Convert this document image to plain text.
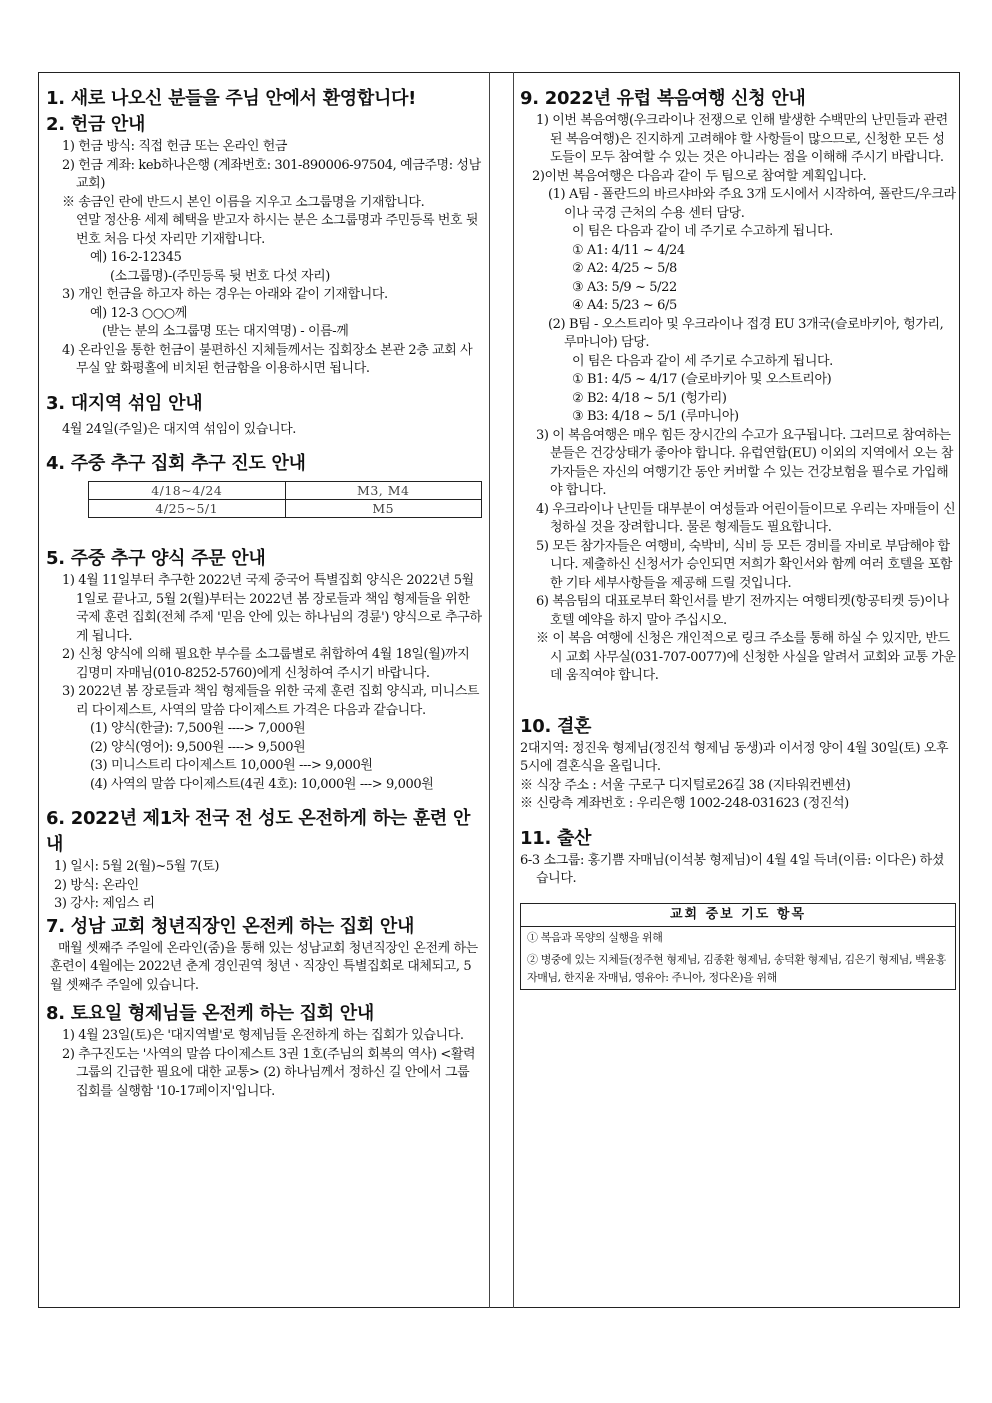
1. 새로 나오신 분들을 주님 안에서 환영합니다!
2. 헌금 안내

1) 헌금 방식: 직접 헌금 또는 온라인 헌금

2) 헌금 계좌: keb하나은행 (계좌번호: 301-890006-97504, 예금주명: 성남교회)

※ 송금인 란에 반드시 본인 이름을 지우고 소그룹명을 기재합니다.

연말 정산용 세제 혜택을 받고자 하시는 분은 소그룹명과 주민등록 번호 뒷번호 처음 다섯 자리만 기재합니다.

예) 16-2-12345

(소그룹명)-(주민등록 뒷 번호 다섯 자리)

3) 개인 헌금을 하고자 하는 경우는 아래와 같이 기재합니다.

예) 12-3 ○○○께

(받는 분의 소그룹명 또는 대지역명) - 이름-께

4) 온라인을 통한 헌금이 불편하신 지체들께서는 집회장소 본관 2층 교회 사무실 앞 화평홀에 비치된 헌금함을 이용하시면 됩니다.

3. 대지역 섞임 안내

4월 24일(주일)은 대지역 섞임이 있습니다.

4. 주중 추구 집회 추구 진도 안내
4/18~4/24	M3, M4
4/25~5/1	M5
5. 주중 추구 양식 주문 안내

1) 4월 11일부터 추구한 2022년 국제 중국어 특별집회 양식은 2022년 5월 1일로 끝나고, 5월 2(월)부터는 2022년 봄 장로들과 책임 형제들을 위한 국제 훈련 집회(전체 주제 '믿음 안에 있는 하나님의 경륜') 양식으로 추구하게 됩니다.

2) 신청 양식에 의해 필요한 부수를 소그룹별로 취합하여 4월 18일(월)까지 김명미 자매님(010-8252-5760)에게 신청하여 주시기 바랍니다.

3) 2022년 봄 장로들과 책임 형제들을 위한 국제 훈련 집회 양식과, 미니스트리 다이제스트, 사역의 말씀 다이제스트 가격은 다음과 같습니다.

(1) 양식(한글): 7,500원 ----> 7,000원

(2) 양식(영어): 9,500원 ----> 9,500원

(3) 미니스트리 다이제스트 10,000원 ---> 9,000원

(4) 사역의 말씀 다이제스트(4권 4호): 10,000원 ---> 9,000원

6. 2022년 제1차 전국 전 성도 온전하게 하는 훈련 안내

1) 일시: 5월 2(월)~5월 7(토)

2) 방식: 온라인

3) 강사: 제임스 리

7. 성남 교회 청년직장인 온전케 하는 집회 안내

매월 셋째주 주일에 온라인(줌)을 통해 있는 성남교회 청년직장인 온전케 하는 훈련이 4월에는 2022년 춘계 경인권역 청년ㆍ직장인 특별집회로 대체되고, 5월 셋째주 주일에 있습니다.

8. 토요일 형제님들 온전케 하는 집회 안내

1) 4월 23일(토)은 '대지역별'로 형제님들 온전하게 하는 집회가 있습니다.

2) 추구진도는 '사역의 말씀 다이제스트 3권 1호(주님의 회복의 역사) <활력그룹의 긴급한 필요에 대한 교통> (2) 하나님께서 정하신 길 안에서 그룹 집회를 실행함 '10-17페이지'입니다.

9. 2022년 유럽 복음여행 신청 안내

1) 이번 복음여행(우크라이나 전쟁으로 인해 발생한 수백만의 난민들과 관련된 복음여행)은 진지하게 고려해야 할 사항들이 많으므로, 신청한 모든 성도들이 모두 참여할 수 있는 것은 아니라는 점을 이해해 주시기 바랍니다.

2)이번 복음여행은 다음과 같이 두 팀으로 참여할 계획입니다.

(1) A팀 - 폴란드의 바르샤바와 주요 3개 도시에서 시작하여, 폴란드/우크라이나 국경 근처의 수용 센터 담당.

이 팀은 다음과 같이 네 주기로 수고하게 됩니다.

① A1: 4/11 ~ 4/24

② A2: 4/25 ~ 5/8

③ A3: 5/9 ~ 5/22

④ A4: 5/23 ~ 6/5

(2) B팀 - 오스트리아 및 우크라이나 접경 EU 3개국(슬로바키아, 헝가리, 루마니아) 담당.

이 팀은 다음과 같이 세 주기로 수고하게 됩니다.

① B1: 4/5 ~ 4/17 (슬로바키아 및 오스트리아)

② B2: 4/18 ~ 5/1 (헝가리)

③ B3: 4/18 ~ 5/1 (루마니아)

3) 이 복음여행은 매우 힘든 장시간의 수고가 요구됩니다. 그러므로 참여하는 분들은 건강상태가 좋아야 합니다. 유럽연합(EU) 이외의 지역에서 오는 참가자들은 자신의 여행기간 동안 커버할 수 있는 건강보험을 필수로 가입해야 합니다.

4) 우크라이나 난민들 대부분이 여성들과 어린이들이므로 우리는 자매들이 신청하실 것을 장려합니다. 물론 형제들도 필요합니다.

5) 모든 참가자들은 여행비, 숙박비, 식비 등 모든 경비를 자비로 부담해야 합니다. 제출하신 신청서가 승인되면 저희가 확인서와 함께 여러 호텔을 포함한 기타 세부사항들을 제공해 드릴 것입니다.

6) 복음팀의 대표로부터 확인서를 받기 전까지는 여행티켓(항공티켓 등)이나 호텔 예약을 하지 말아 주십시오.

※ 이 복음 여행에 신청은 개인적으로 링크 주소를 통해 하실 수 있지만, 반드시 교회 사무실(031-707-0077)에 신청한 사실을 알려서 교회와 교통 가운데 움직여야 합니다.

10. 결혼

2대지역: 정진욱 형제님(정진석 형제님 동생)과 이서정 양이 4월 30일(토) 오후 5시에 결혼식을 올립니다.

※ 식장 주소 : 서울 구로구 디지털로26길 38 (지타워컨벤션)

※ 신랑측 계좌번호 : 우리은행 1002-248-031623 (정진석)

11. 출산

6-3 소그룹: 홍기쁨 자매님(이석봉 형제님)이 4월 4일 득녀(이름: 이다은) 하셨습니다.

교회 중보 기도 항목
① 복음과 목양의 실행을 위해
② 병중에 있는 지체들(정주현 형제님, 김종환 형제님, 송덕환 형제님, 김은기 형제님, 백윤홍 자매님, 한지윤 자매님, 영유아: 주니아, 정다온)을 위해
